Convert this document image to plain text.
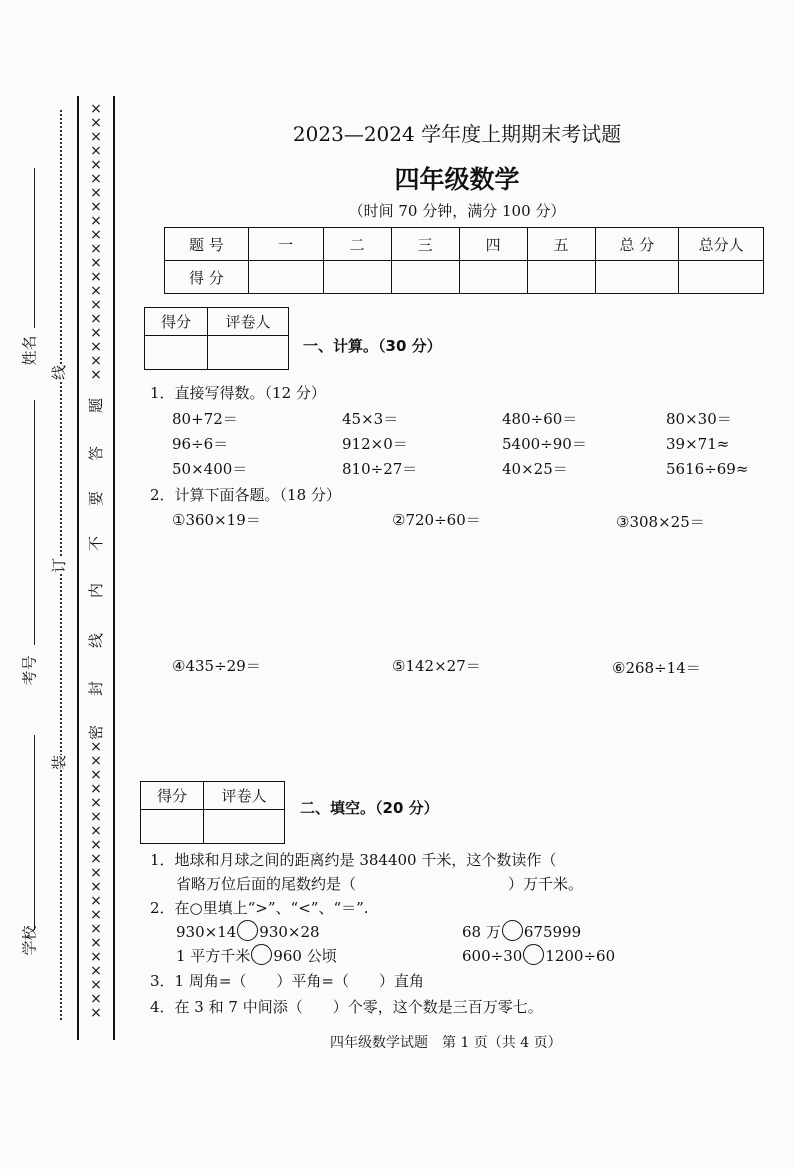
姓名
考号
学校
线
订
装
×
×
×
×
×
×
×
×
×
×
×
×
×
×
×
×
×
×
×
×
题
答
要
不
内
线
封
密
×
×
×
×
×
×
×
×
×
×
×
×
×
×
×
×
×
×
×
×
2023—2024 学年度上期期末考试题
四年级数学
（时间 70 分钟，满分 100 分）
题 号	一	二	三	四	五	总 分	总分人
得 分							
得分	评卷人

一、计算。（30 分）
1．直接写得数。（12 分）
80+72＝	45×3＝	480÷60＝	80×30＝
96÷6＝	912×0＝	5400÷90＝	39×71≈
50×400＝	810÷27＝	40×25＝	5616÷69≈
2．计算下面各题。（18 分）
①360×19＝	②720÷60＝	③308×25＝
④435÷29＝	⑤142×27＝	⑥268÷14＝
得分	评卷人

二、填空。（20 分）
1．地球和月球之间的距离约是 384400 千米，这个数读作（
省略万位后面的尾数约是（	）万千米。
2．在○里填上“>”、“<”、“＝”.
930×14 930×28	68 万 675999
1 平方千米 960 公顷	600÷30 1200÷60
3．1 周角=（　　）平角=（　　）直角
4．在 3 和 7 中间添（　　）个零，这个数是三百万零七。
四年级数学试题　第 1 页（共 4 页）
